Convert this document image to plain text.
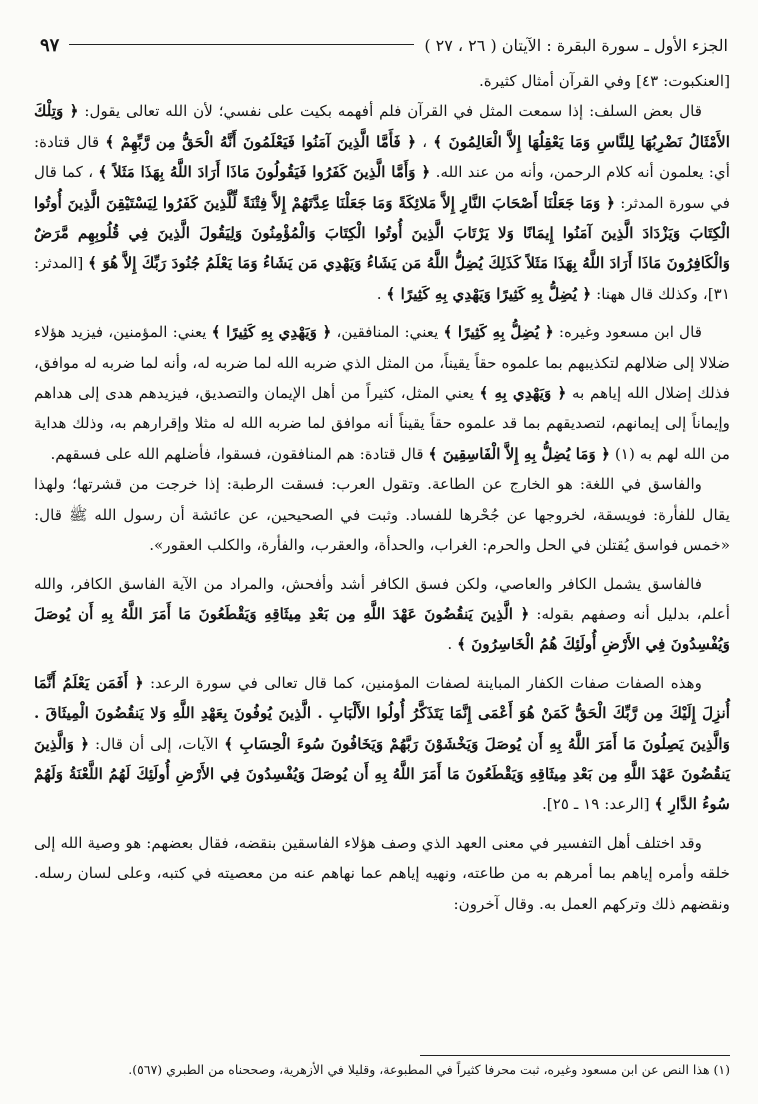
الجزء الأول ـ سورة البقرة : الآيتان ( ٢٦ ، ٢٧ )
٩٧

[العنكبوت: ٤٣] وفي القرآن أمثال كثيرة.

قال بعض السلف: إذا سمعت المثل في القرآن فلم أفهمه بكيت على نفسي؛ لأن الله تعالى يقول: ﴿ وَتِلْكَ الأَمْثَالُ نَضْرِبُهَا لِلنَّاسِ وَمَا يَعْقِلُهَا إِلاَّ الْعَالِمُونَ ﴾ ، ﴿ فَأَمَّا الَّذِينَ آمَنُوا فَيَعْلَمُونَ أَنَّهُ الْحَقُّ مِن رَّبِّهِمْ ﴾ قال قتادة: أي: يعلمون أنه كلام الرحمن، وأنه من عند الله. ﴿ وَأَمَّا الَّذِينَ كَفَرُوا فَيَقُولُونَ مَاذَا أَرَادَ اللَّهُ بِهَذَا مَثَلاً ﴾ ، كما قال في سورة المدثر: ﴿ وَمَا جَعَلْنَا أَصْحَابَ النَّارِ إِلاَّ مَلائِكَةً وَمَا جَعَلْنَا عِدَّتَهُمْ إِلاَّ فِتْنَةً لِّلَّذِينَ كَفَرُوا لِيَسْتَيْقِنَ الَّذِينَ أُوتُوا الْكِتَابَ وَيَزْدَادَ الَّذِينَ آمَنُوا إِيمَانًا وَلا يَرْتَابَ الَّذِينَ أُوتُوا الْكِتَابَ وَالْمُؤْمِنُونَ وَلِيَقُولَ الَّذِينَ فِي قُلُوبِهِم مَّرَضٌ وَالْكَافِرُونَ مَاذَا أَرَادَ اللَّهُ بِهَذَا مَثَلاً كَذَلِكَ يُضِلُّ اللَّهُ مَن يَشَاءُ وَيَهْدِي مَن يَشَاءُ وَمَا يَعْلَمُ جُنُودَ رَبِّكَ إِلاَّ هُوَ ﴾ [المدثر: ٣١]، وكذلك قال ههنا: ﴿ يُضِلُّ بِهِ كَثِيرًا وَيَهْدِي بِهِ كَثِيرًا ﴾ .

قال ابن مسعود وغيره: ﴿ يُضِلُّ بِهِ كَثِيرًا ﴾ يعني: المنافقين، ﴿ وَيَهْدِي بِهِ كَثِيرًا ﴾ يعني: المؤمنين، فيزيد هؤلاء ضلالا إلى ضلالهم لتكذيبهم بما علموه حقاً يقيناً، من المثل الذي ضربه الله لما ضربه له، وأنه لما ضربه له موافق، فذلك إضلال الله إياهم به ﴿ وَيَهْدِي بِهِ ﴾ يعني المثل، كثيراً من أهل الإيمان والتصديق، فيزيدهم هدى إلى هداهم وإيماناً إلى إيمانهم، لتصديقهم بما قد علموه حقاً يقيناً أنه موافق لما ضربه الله له مثلا وإقرارهم به، وذلك هداية من الله لهم به (١) ﴿ وَمَا يُضِلُّ بِهِ إِلاَّ الْفَاسِقِينَ ﴾ قال قتادة: هم المنافقون، فسقوا، فأضلهم الله على فسقهم.

والفاسق في اللغة: هو الخارج عن الطاعة. وتقول العرب: فسقت الرطبة: إذا خرجت من قشرتها؛ ولهذا يقال للفأرة: فويسقة، لخروجها عن جُحْرها للفساد. وثبت في الصحيحين، عن عائشة أن رسول الله ﷺ قال: «خمس فواسق يُقتلن في الحل والحرم: الغراب، والحدأة، والعقرب، والفأرة، والكلب العقور».

فالفاسق يشمل الكافر والعاصي، ولكن فسق الكافر أشد وأفحش، والمراد من الآية الفاسق الكافر، والله أعلم، بدليل أنه وصفهم بقوله: ﴿ الَّذِينَ يَنقُضُونَ عَهْدَ اللَّهِ مِن بَعْدِ مِيثَاقِهِ وَيَقْطَعُونَ مَا أَمَرَ اللَّهُ بِهِ أَن يُوصَلَ وَيُفْسِدُونَ فِي الأَرْضِ أُولَئِكَ هُمُ الْخَاسِرُونَ ﴾ .

وهذه الصفات صفات الكفار المباينة لصفات المؤمنين، كما قال تعالى في سورة الرعد: ﴿ أَفَمَن يَعْلَمُ أَنَّمَا أُنزِلَ إِلَيْكَ مِن رَّبِّكَ الْحَقُّ كَمَنْ هُوَ أَعْمَى إِنَّمَا يَتَذَكَّرُ أُولُوا الأَلْبَابِ . الَّذِينَ يُوفُونَ بِعَهْدِ اللَّهِ وَلا يَنقُضُونَ الْمِيثَاقَ . وَالَّذِينَ يَصِلُونَ مَا أَمَرَ اللَّهُ بِهِ أَن يُوصَلَ وَيَخْشَوْنَ رَبَّهُمْ وَيَخَافُونَ سُوءَ الْحِسَابِ ﴾ الآيات، إلى أن قال: ﴿ وَالَّذِينَ يَنقُضُونَ عَهْدَ اللَّهِ مِن بَعْدِ مِيثَاقِهِ وَيَقْطَعُونَ مَا أَمَرَ اللَّهُ بِهِ أَن يُوصَلَ وَيُفْسِدُونَ فِي الأَرْضِ أُولَئِكَ لَهُمُ اللَّعْنَةُ وَلَهُمْ سُوءُ الدَّارِ ﴾ [الرعد: ١٩ ـ ٢٥].

وقد اختلف أهل التفسير في معنى العهد الذي وصف هؤلاء الفاسقين بنقضه، فقال بعضهم: هو وصية الله إلى خلقه وأمره إياهم بما أمرهم به من طاعته، ونهيه إياهم عما نهاهم عنه من معصيته في كتبه، وعلى لسان رسله. ونقضهم ذلك وتركهم العمل به. وقال آخرون:

(١) هذا النص عن ابن مسعود وغيره، ثبت محرفا كثيراً في المطبوعة، وقليلا في الأزهرية، وصححناه من الطبري (٥٦٧).
